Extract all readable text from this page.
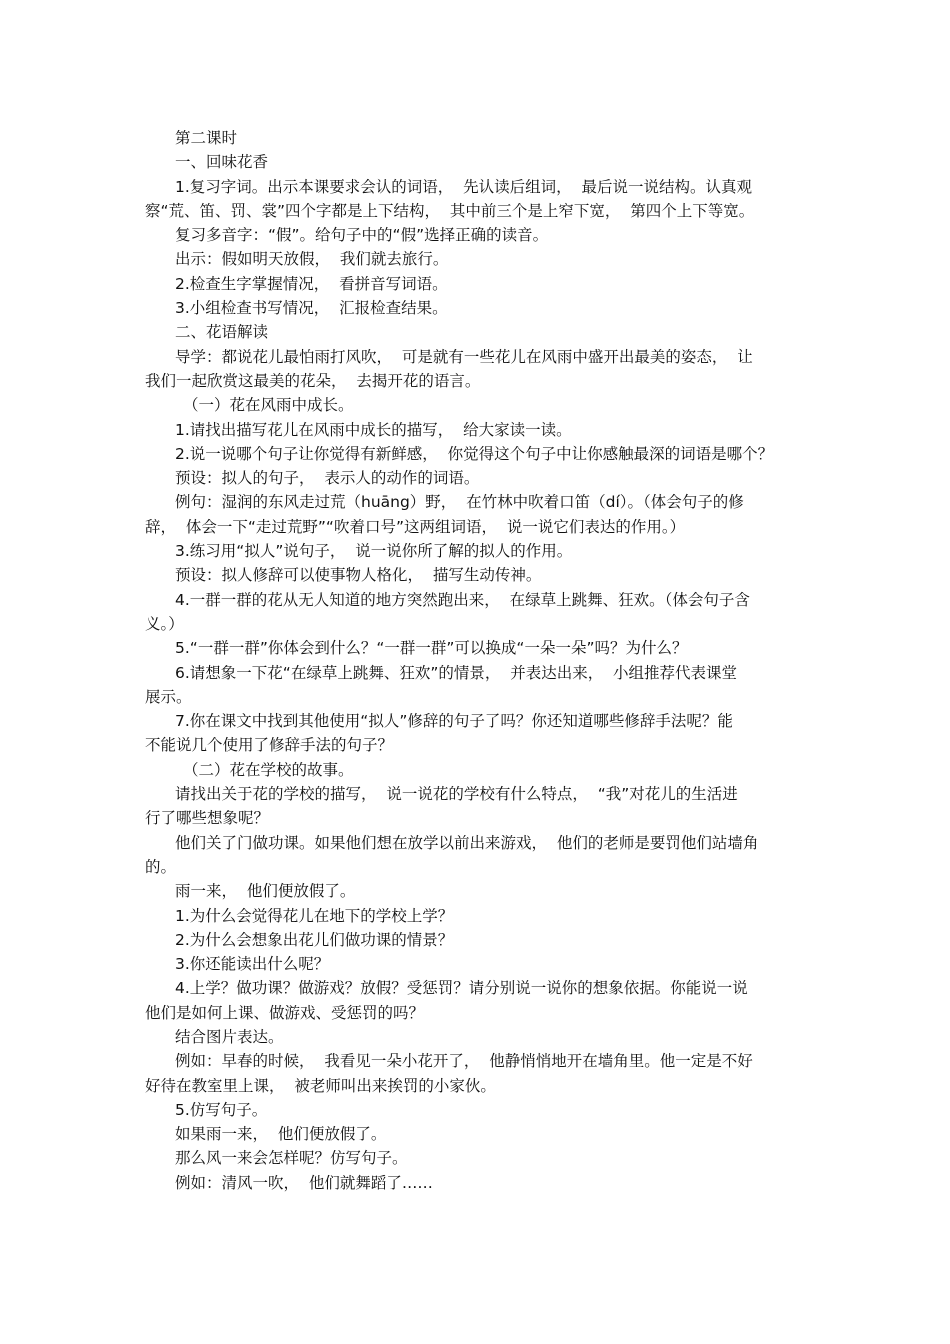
第二课时

一、回味花香

1.复习字词。出示本课要求会认的词语，  先认读后组词，  最后说一说结构。认真观

察“荒、笛、罚、裳”四个字都是上下结构，  其中前三个是上窄下宽，  第四个上下等宽。

复习多音字：“假”。给句子中的“假”选择正确的读音。

出示：假如明天放假，  我们就去旅行。

2.检查生字掌握情况，  看拼音写词语。

3.小组检查书写情况，  汇报检查结果。

二、花语解读

导学：都说花儿最怕雨打风吹，  可是就有一些花儿在风雨中盛开出最美的姿态，  让

我们一起欣赏这最美的花朵，  去揭开花的语言。

（一）花在风雨中成长。

1.请找出描写花儿在风雨中成长的描写，  给大家读一读。

2.说一说哪个句子让你觉得有新鲜感，  你觉得这个句子中让你感触最深的词语是哪个？

预设：拟人的句子，  表示人的动作的词语。

例句：湿润的东风走过荒（huāng）野，  在竹林中吹着口笛（dí）。（体会句子的修

辞，  体会一下“走过荒野”“吹着口号”这两组词语，  说一说它们表达的作用。）

3.练习用“拟人”说句子，  说一说你所了解的拟人的作用。

预设：拟人修辞可以使事物人格化，  描写生动传神。

4.一群一群的花从无人知道的地方突然跑出来，  在绿草上跳舞、狂欢。（体会句子含

义。）

5.“一群一群”你体会到什么？“一群一群”可以换成“一朵一朵”吗？为什么？

6.请想象一下花“在绿草上跳舞、狂欢”的情景，  并表达出来，  小组推荐代表课堂

展示。

7.你在课文中找到其他使用“拟人”修辞的句子了吗？你还知道哪些修辞手法呢？能

不能说几个使用了修辞手法的句子？

（二）花在学校的故事。

请找出关于花的学校的描写，  说一说花的学校有什么特点，  “我”对花儿的生活进

行了哪些想象呢？

他们关了门做功课。如果他们想在放学以前出来游戏，  他们的老师是要罚他们站墙角

的。

雨一来，  他们便放假了。

1.为什么会觉得花儿在地下的学校上学？

2.为什么会想象出花儿们做功课的情景？

3.你还能读出什么呢？

4.上学？做功课？做游戏？放假？受惩罚？请分别说一说你的想象依据。你能说一说

他们是如何上课、做游戏、受惩罚的吗？

结合图片表达。

例如：早春的时候，  我看见一朵小花开了，  他静悄悄地开在墙角里。他一定是不好

好待在教室里上课，  被老师叫出来挨罚的小家伙。

5.仿写句子。

如果雨一来，  他们便放假了。

那么风一来会怎样呢？仿写句子。

例如：清风一吹，  他们就舞蹈了……
